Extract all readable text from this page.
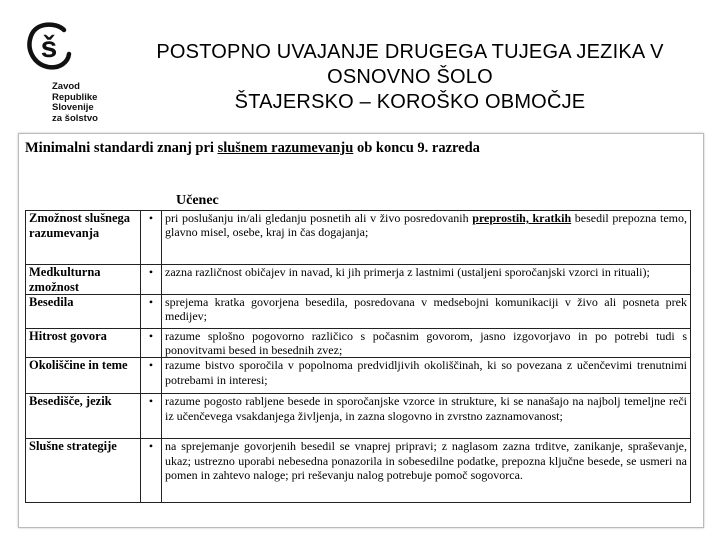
š
Zavod
Republike
Slovenije
za šolstvo
POSTOPNO UVAJANJE DRUGEGA TUJEGA JEZIKA V
OSNOVNO ŠOLO
ŠTAJERSKO – KOROŠKO OBMOČJE
Minimalni standardi znanj pri slušnem razumevanju ob koncu 9. razreda
Učenec
Zmožnost slušnega razumevanja	•	pri poslušanju in/ali gledanju posnetih ali v živo posredovanih preprostih, kratkih besedil prepozna temo, glavno misel, osebe, kraj in čas dogajanja;
Medkulturna zmožnost	•	zazna različnost običajev in navad, ki jih primerja z lastnimi (ustaljeni sporočanjski vzorci in rituali);
Besedila	•	sprejema kratka govorjena besedila, posredovana v medsebojni komunikaciji v živo ali posneta prek medijev;
Hitrost govora	•	razume splošno pogovorno različico s počasnim govorom, jasno izgovorjavo in po potrebi tudi s ponovitvami besed in besednih zvez;
Okoliščine in teme	•	razume bistvo sporočila v popolnoma predvidljivih okoliščinah, ki so povezana z učenčevimi trenutnimi potrebami in interesi;
Besedišče, jezik	•	razume pogosto rabljene besede in sporočanjske vzorce in strukture, ki se nanašajo na najbolj temeljne reči iz učenčevega vsakdanjega življenja, in zazna slogovno in zvrstno zaznamovanost;
Slušne strategije	•	na sprejemanje govorjenih besedil se vnaprej pripravi; z naglasom zazna trditve, zanikanje, spraševanje, ukaz; ustrezno uporabi nebesedna ponazorila in sobesedilne podatke, prepozna ključne besede, se usmeri na pomen in zahtevo naloge; pri reševanju nalog potrebuje pomoč sogovorca.
